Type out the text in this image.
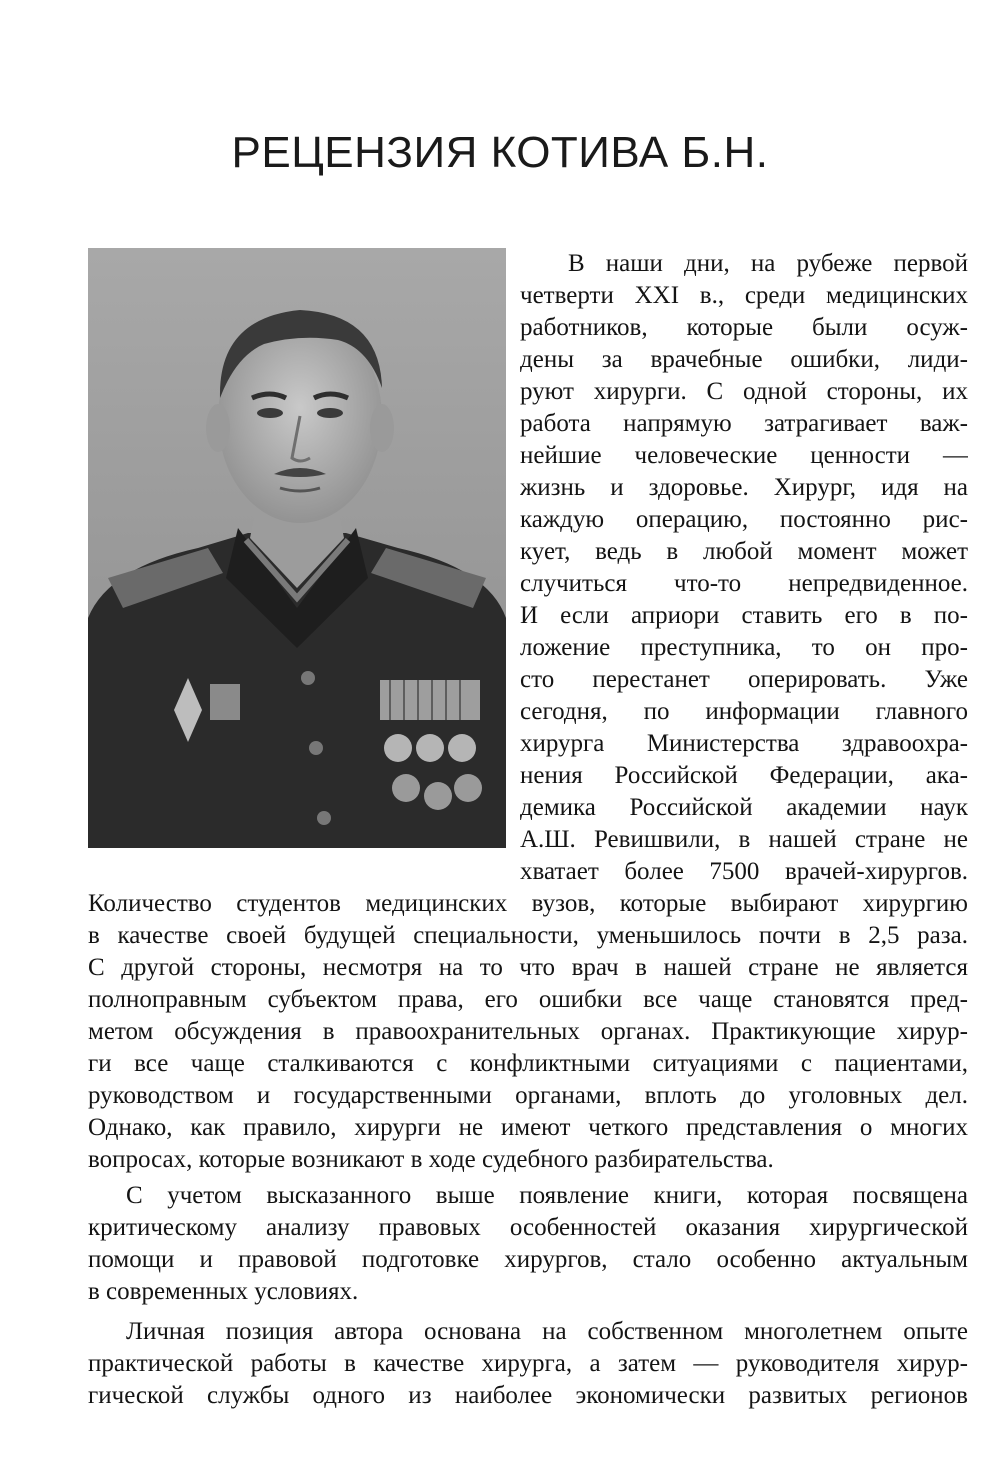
РЕЦЕНЗИЯ КОТИВА Б.Н.
В наши дни, на рубеже первой
четверти XXI в., среди медицинских
работников, которые были осуж-
дены за врачебные ошибки, лиди-
руют хирурги. С одной стороны, их
работа напрямую затрагивает важ-
нейшие человеческие ценности —
жизнь и здоровье. Хирург, идя на
каждую операцию, постоянно рис-
кует, ведь в любой момент может
случиться что-то непредвиденное.
И если априори ставить его в по-
ложение преступника, то он про-
сто перестанет оперировать. Уже
сегодня, по информации главного
хирурга Министерства здравоохра-
нения Российской Федерации, ака-
демика Российской академии наук
А.Ш. Ревишвили, в нашей стране не
хватает более 7500 врачей-хирургов.
Количество студентов медицинских вузов, которые выбирают хирургию
в качестве своей будущей специальности, уменьшилось почти в 2,5 раза.
С другой стороны, несмотря на то что врач в нашей стране не является
полноправным субъектом права, его ошибки все чаще становятся пред-
метом обсуждения в правоохранительных органах. Практикующие хирур-
ги все чаще сталкиваются с конфликтными ситуациями с пациентами,
руководством и государственными органами, вплоть до уголовных дел.
Однако, как правило, хирурги не имеют четкого представления о многих
вопросах, которые возникают в ходе судебного разбирательства.
С учетом высказанного выше появление книги, которая посвящена
критическому анализу правовых особенностей оказания хирургической
помощи и правовой подготовке хирургов, стало особенно актуальным
в современных условиях.
Личная позиция автора основана на собственном многолетнем опыте
практической работы в качестве хирурга, а затем — руководителя хирур-
гической службы одного из наиболее экономически развитых регионов
